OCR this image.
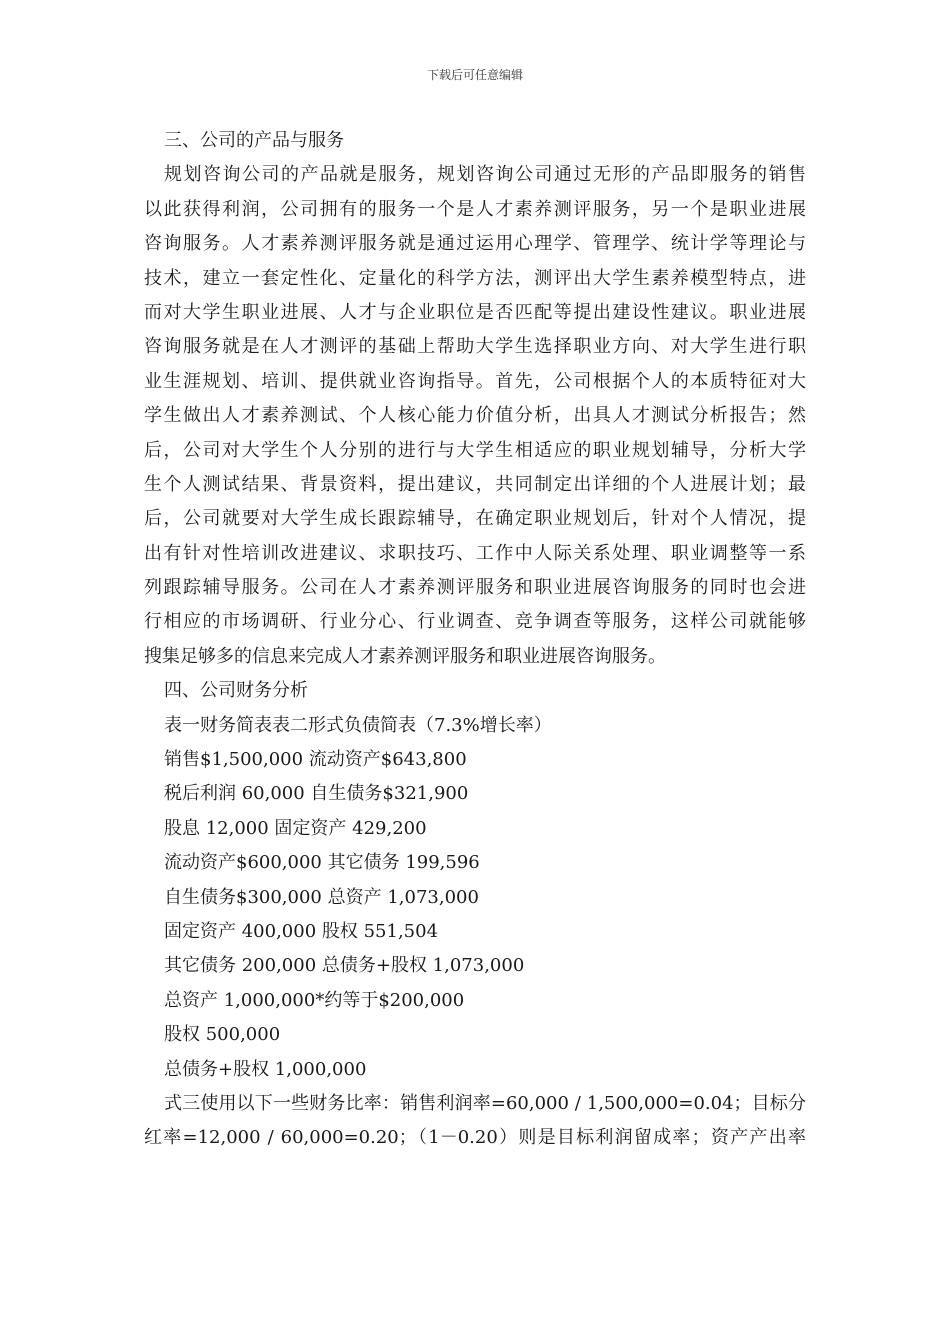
下载后可任意编辑
三、公司的产品与服务
规划咨询公司的产品就是服务，规划咨询公司通过无形的产品即服务的销售
以此获得利润，公司拥有的服务一个是人才素养测评服务，另一个是职业进展
咨询服务。人才素养测评服务就是通过运用心理学、管理学、统计学等理论与
技术，建立一套定性化、定量化的科学方法，测评出大学生素养模型特点，进
而对大学生职业进展、人才与企业职位是否匹配等提出建设性建议。职业进展
咨询服务就是在人才测评的基础上帮助大学生选择职业方向、对大学生进行职
业生涯规划、培训、提供就业咨询指导。首先，公司根据个人的本质特征对大
学生做出人才素养测试、个人核心能力价值分析，出具人才测试分析报告；然
后，公司对大学生个人分别的进行与大学生相适应的职业规划辅导，分析大学
生个人测试结果、背景资料，提出建议，共同制定出详细的个人进展计划；最
后，公司就要对大学生成长跟踪辅导，在确定职业规划后，针对个人情况，提
出有针对性培训改进建议、求职技巧、工作中人际关系处理、职业调整等一系
列跟踪辅导服务。公司在人才素养测评服务和职业进展咨询服务的同时也会进
行相应的市场调研、行业分心、行业调查、竞争调查等服务，这样公司就能够
搜集足够多的信息来完成人才素养测评服务和职业进展咨询服务。
四、公司财务分析
表一财务简表表二形式负债简表（7.3%增长率）
销售$1,500,000 流动资产$643,800
税后利润 60,000 自生债务$321,900
股息 12,000 固定资产 429,200
流动资产$600,000 其它债务 199,596
自生债务$300,000 总资产 1,073,000
固定资产 400,000 股权 551,504
其它债务 200,000 总债务+股权 1,073,000
总资产 1,000,000*约等于$200,000
股权 500,000
总债务+股权 1,000,000
式三使用以下一些财务比率：销售利润率=60,000 / 1,500,000=0.04；目标分
红率=12,000 / 60,000=0.20；（1－0.20）则是目标利润留成率；资产产出率
